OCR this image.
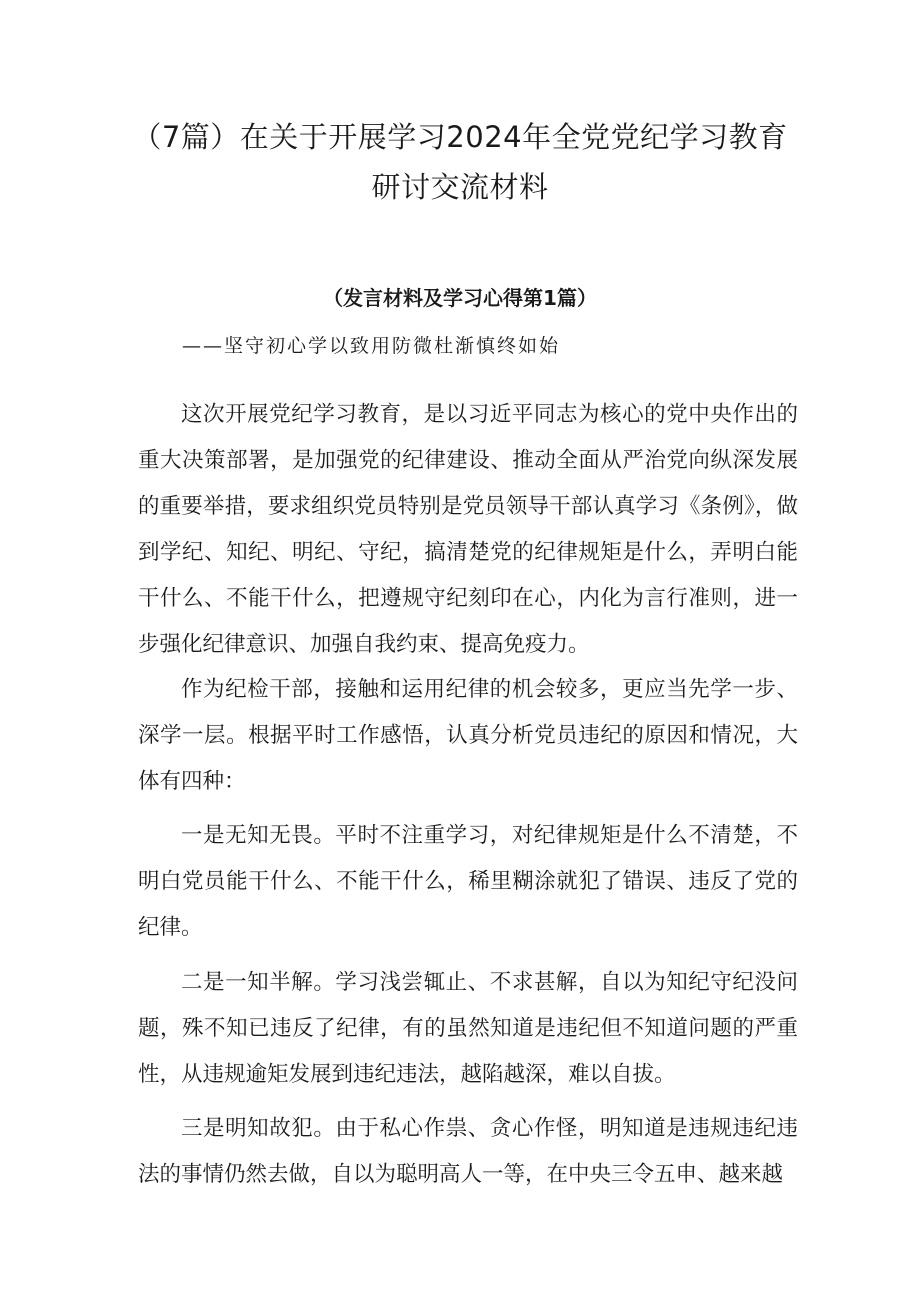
（7篇）在关于开展学习2024年全党党纪学习教育
研讨交流材料
（发言材料及学习心得第1篇）
——坚守初心学以致用防微杜渐慎终如始

这次开展党纪学习教育，是以习近平同志为核心的党中央作出的重大决策部署，是加强党的纪律建设、推动全面从严治党向纵深发展的重要举措，要求组织党员特别是党员领导干部认真学习《条例》，做到学纪、知纪、明纪、守纪，搞清楚党的纪律规矩是什么，弄明白能干什么、不能干什么，把遵规守纪刻印在心，内化为言行准则，进一步强化纪律意识、加强自我约束、提高免疫力。

作为纪检干部，接触和运用纪律的机会较多，更应当先学一步、深学一层。根据平时工作感悟，认真分析党员违纪的原因和情况，大体有四种：

一是无知无畏。平时不注重学习，对纪律规矩是什么不清楚，不明白党员能干什么、不能干什么，稀里糊涂就犯了错误、违反了党的纪律。

二是一知半解。学习浅尝辄止、不求甚解，自以为知纪守纪没问题，殊不知已违反了纪律，有的虽然知道是违纪但不知道问题的严重性，从违规逾矩发展到违纪违法，越陷越深，难以自拔。

三是明知故犯。由于私心作祟、贪心作怪，明知道是违规违纪违法的事情仍然去做，自以为聪明高人一等，在中央三令五申、越来越
